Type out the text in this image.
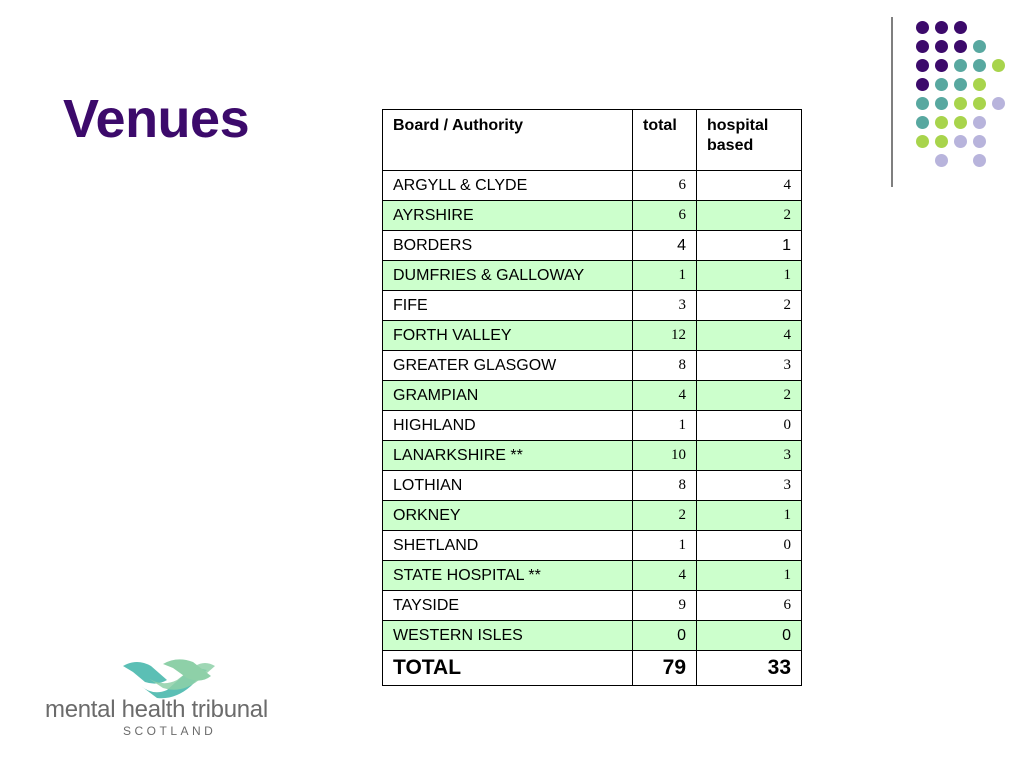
Venues	Board / Authority	total	hospital based
ARGYLL & CLYDE	6	4
AYRSHIRE	6	2
BORDERS	4	1
DUMFRIES & GALLOWAY	1	1
FIFE	3	2
FORTH VALLEY	12	4
GREATER GLASGOW	8	3
GRAMPIAN	4	2
HIGHLAND	1	0
LANARKSHIRE **	10	3
LOTHIAN	8	3
ORKNEY	2	1
SHETLAND	1	0
STATE HOSPITAL **	4	1
TAYSIDE	9	6
WESTERN ISLES	0	0
TOTAL	79	33
mental health tribunal
SCOTLAND
